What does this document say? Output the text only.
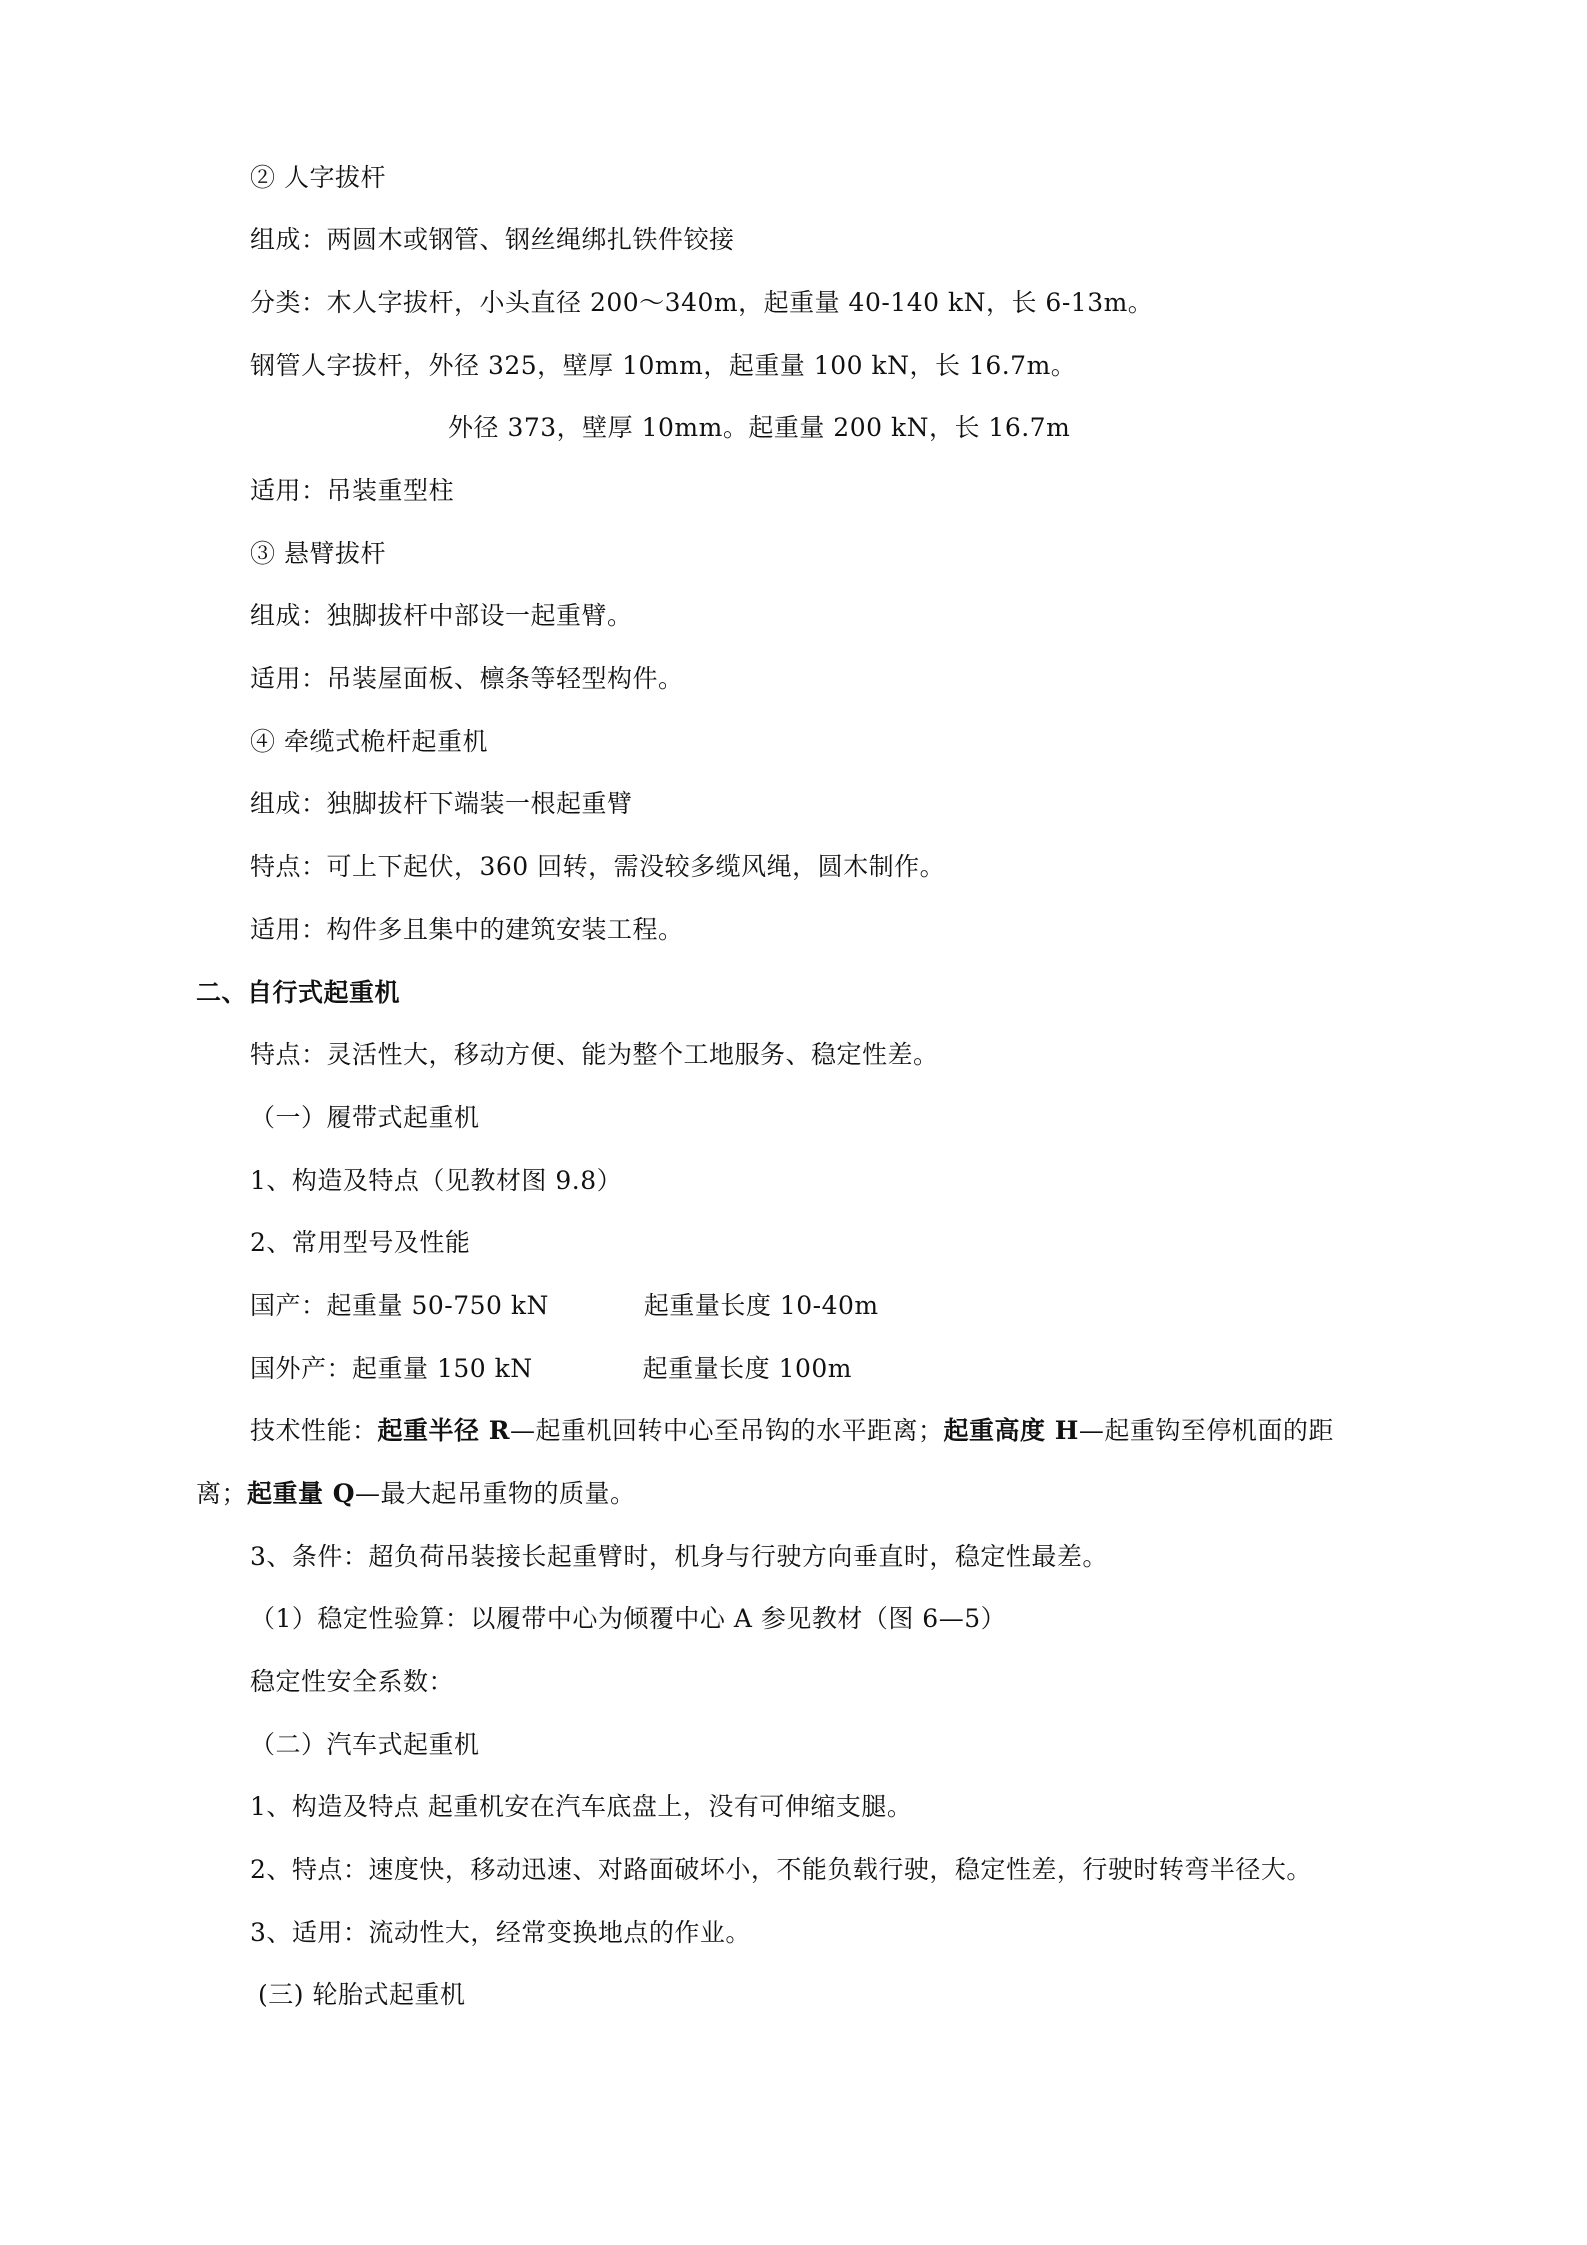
② 人字拔杆
组成：两圆木或钢管、钢丝绳绑扎铁件铰接
分类：木人字拔杆，小头直径 200～340m，起重量 40-140 kN，长 6-13m。
钢管人字拔杆，外径 325，壁厚 10mm，起重量 100 kN，长 16.7m。
外径 373，壁厚 10mm。起重量 200 kN，长 16.7m
适用：吊装重型柱
③ 悬臂拔杆
组成：独脚拔杆中部设一起重臂。
适用：吊装屋面板、檩条等轻型构件。
④ 牵缆式桅杆起重机
组成：独脚拔杆下端装一根起重臂
特点：可上下起伏，360 回转，需没较多缆风绳，圆木制作。
适用：构件多且集中的建筑安装工程。
二、自行式起重机
特点：灵活性大，移动方便、能为整个工地服务、稳定性差。
（一）履带式起重机
1、构造及特点（见教材图 9.8）
2、常用型号及性能
国产：起重量 50-750 kN	起重量长度 10-40m
国外产：起重量 150 kN	起重量长度 100m
技术性能：起重半径 R—起重机回转中心至吊钩的水平距离；起重高度 H—起重钩至停机面的距
离；起重量 Q—最大起吊重物的质量。
3、条件：超负荷吊装接长起重臂时，机身与行驶方向垂直时，稳定性最差。
（1）稳定性验算：以履带中心为倾覆中心 A 参见教材（图 6—5）
稳定性安全系数：
（二）汽车式起重机
1、构造及特点 起重机安在汽车底盘上，没有可伸缩支腿。
2、特点：速度快，移动迅速、对路面破坏小，不能负载行驶，稳定性差，行驶时转弯半径大。
3、适用：流动性大，经常变换地点的作业。
(三) 轮胎式起重机
